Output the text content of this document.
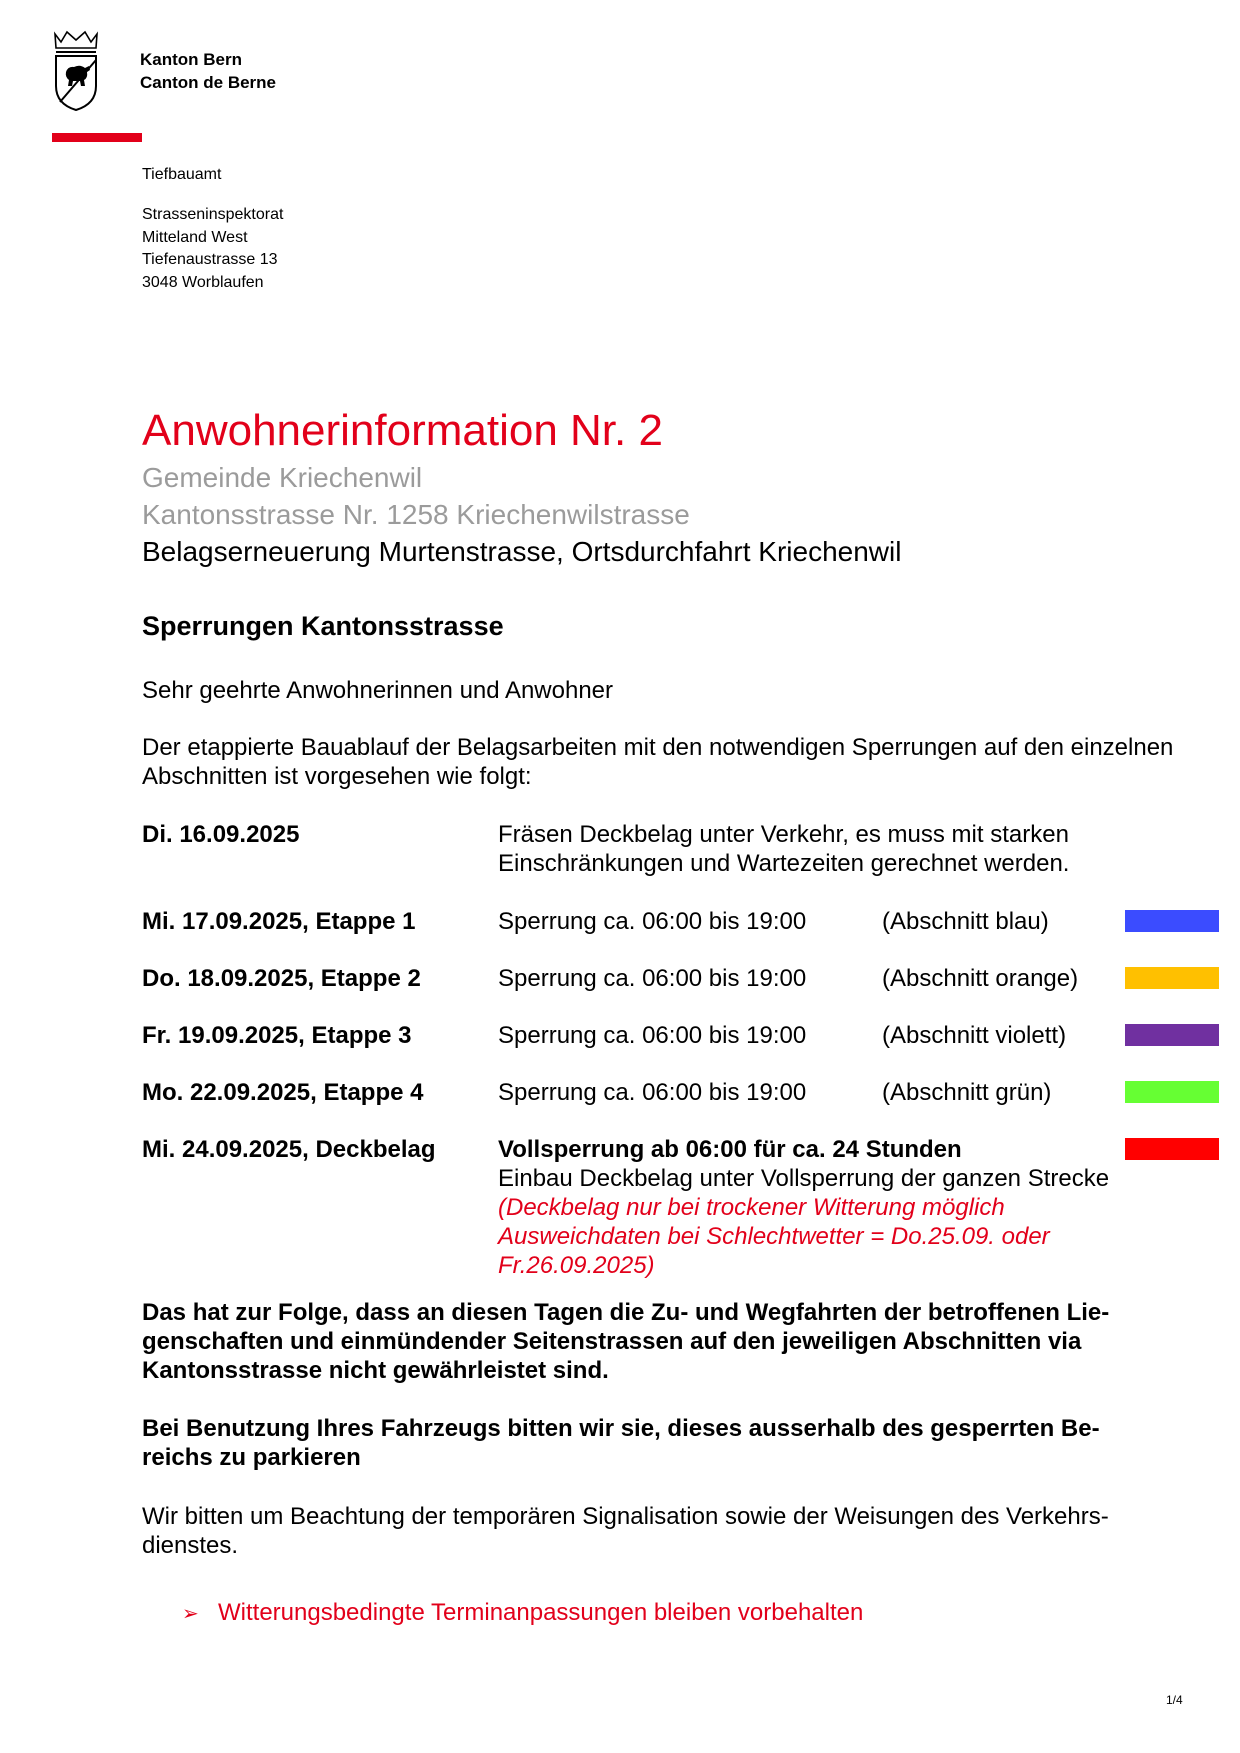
Kanton Bern
Canton de Berne
Tiefbauamt
Strasseninspektorat
Mitteland West
Tiefenaustrasse 13
3048 Worblaufen
Anwohnerinformation Nr. 2
Gemeinde Kriechenwil
Kantonsstrasse Nr. 1258 Kriechenwilstrasse
Belagserneuerung Murtenstrasse, Ortsdurchfahrt Kriechenwil
Sperrungen Kantonsstrasse
Sehr geehrte Anwohnerinnen und Anwohner
Der etappierte Bauablauf der Belagsarbeiten mit den notwendigen Sperrungen auf den einzelnen Abschnitten ist vorgesehen wie folgt:
Di. 16.09.2025	Fräsen Deckbelag unter Verkehr, es muss mit starken
Einschränkungen und Wartezeiten gerechnet werden.
Mi. 17.09.2025, Etappe 1	Sperrung ca. 06:00 bis 19:00	(Abschnitt blau)
Do. 18.09.2025, Etappe 2	Sperrung ca. 06:00 bis 19:00	(Abschnitt orange)
Fr. 19.09.2025, Etappe 3	Sperrung ca. 06:00 bis 19:00	(Abschnitt violett)
Mo. 22.09.2025, Etappe 4	Sperrung ca. 06:00 bis 19:00	(Abschnitt grün)
Mi. 24.09.2025, Deckbelag	Vollsperrung ab 06:00 für ca. 24 Stunden
Einbau Deckbelag unter Vollsperrung der ganzen Strecke
(Deckbelag nur bei trockener Witterung möglich
Ausweichdaten bei Schlechtwetter = Do.25.09. oder
Fr.26.09.2025)
Das hat zur Folge, dass an diesen Tagen die Zu- und Wegfahrten der betroffenen Lie-
genschaften und einmündender Seitenstrassen auf den jeweiligen Abschnitten via
Kantonsstrasse nicht gewährleistet sind.
Bei Benutzung Ihres Fahrzeugs bitten wir sie, dieses ausserhalb des gesperrten Be-
reichs zu parkieren
Wir bitten um Beachtung der temporären Signalisation sowie der Weisungen des Verkehrs-
dienstes.
➢ Witterungsbedingte Terminanpassungen bleiben vorbehalten
1/4
